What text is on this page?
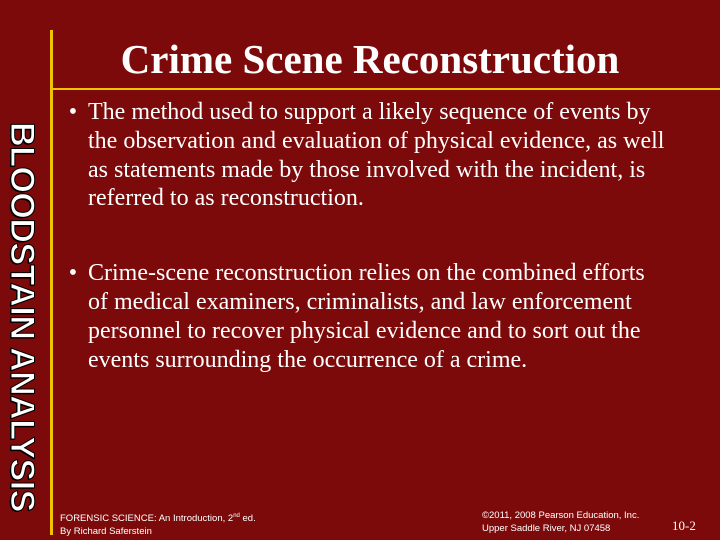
BLOODSTAIN ANALYSIS
Crime Scene Reconstruction
• The method used to support a likely sequence of events by the observation and evaluation of physical evidence, as well as statements made by those involved with the incident, is referred to as reconstruction.
• Crime-scene reconstruction relies on the combined efforts of medical examiners, criminalists, and law enforcement personnel to recover physical evidence and to sort out the events surrounding the occurrence of a crime.
FORENSIC SCIENCE: An Introduction, 2nd ed.
By Richard Saferstein
©2011, 2008 Pearson Education, Inc.
Upper Saddle River, NJ 07458	10-2
